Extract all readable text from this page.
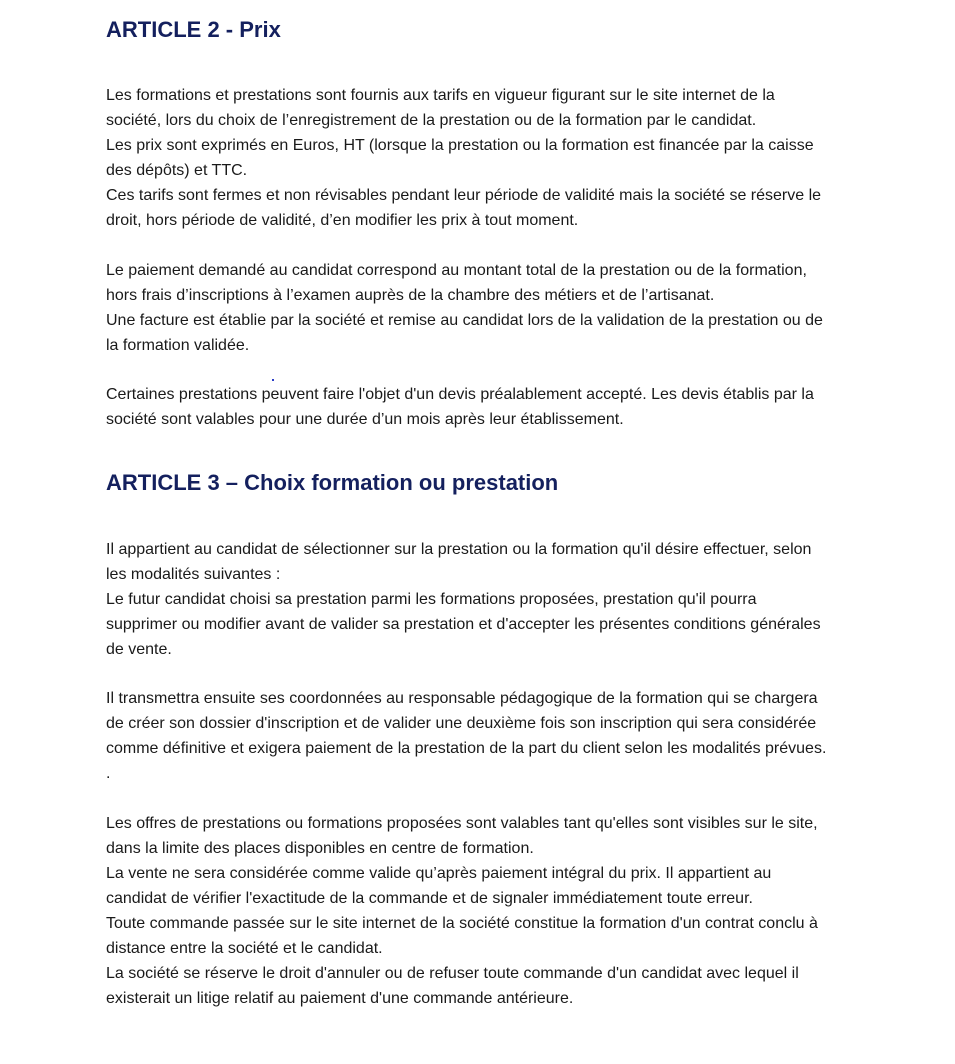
ARTICLE 2 - Prix
Les formations et prestations sont fournis aux tarifs en vigueur figurant sur le site internet de la
société, lors du choix de l’enregistrement de la prestation ou de la formation par le candidat.
Les prix sont exprimés en Euros, HT (lorsque la prestation ou la formation est financée par la caisse
des dépôts) et TTC.
Ces tarifs sont fermes et non révisables pendant leur période de validité mais la société se réserve le
droit, hors période de validité, d’en modifier les prix à tout moment.
Le paiement demandé au candidat correspond au montant total de la prestation ou de la formation,
hors frais d’inscriptions à l’examen auprès de la chambre des métiers et de l’artisanat.
Une facture est établie par la société et remise au candidat lors de la validation de la prestation ou de
la formation validée.
Certaines prestations peuvent faire l'objet d'un devis préalablement accepté. Les devis établis par la
société sont valables pour une durée d’un mois après leur établissement.
ARTICLE 3 – Choix formation ou prestation
Il appartient au candidat de sélectionner sur la prestation ou la formation qu'il désire effectuer, selon
les modalités suivantes :
Le futur candidat choisi sa prestation parmi les formations proposées, prestation qu'il pourra
supprimer ou modifier avant de valider sa prestation et d'accepter les présentes conditions générales
de vente.
Il transmettra ensuite ses coordonnées au responsable pédagogique de la formation qui se chargera
de créer son dossier d'inscription et de valider une deuxième fois son inscription qui sera considérée
comme définitive et exigera paiement de la prestation de la part du client selon les modalités prévues.
.
Les offres de prestations ou formations proposées sont valables tant qu'elles sont visibles sur le site,
dans la limite des places disponibles en centre de formation.
La vente ne sera considérée comme valide qu’après paiement intégral du prix. Il appartient au
candidat de vérifier l'exactitude de la commande et de signaler immédiatement toute erreur.
Toute commande passée sur le site internet de la société constitue la formation d'un contrat conclu à
distance entre la société et le candidat.
La société se réserve le droit d'annuler ou de refuser toute commande d'un candidat avec lequel il
existerait un litige relatif au paiement d'une commande antérieure.
